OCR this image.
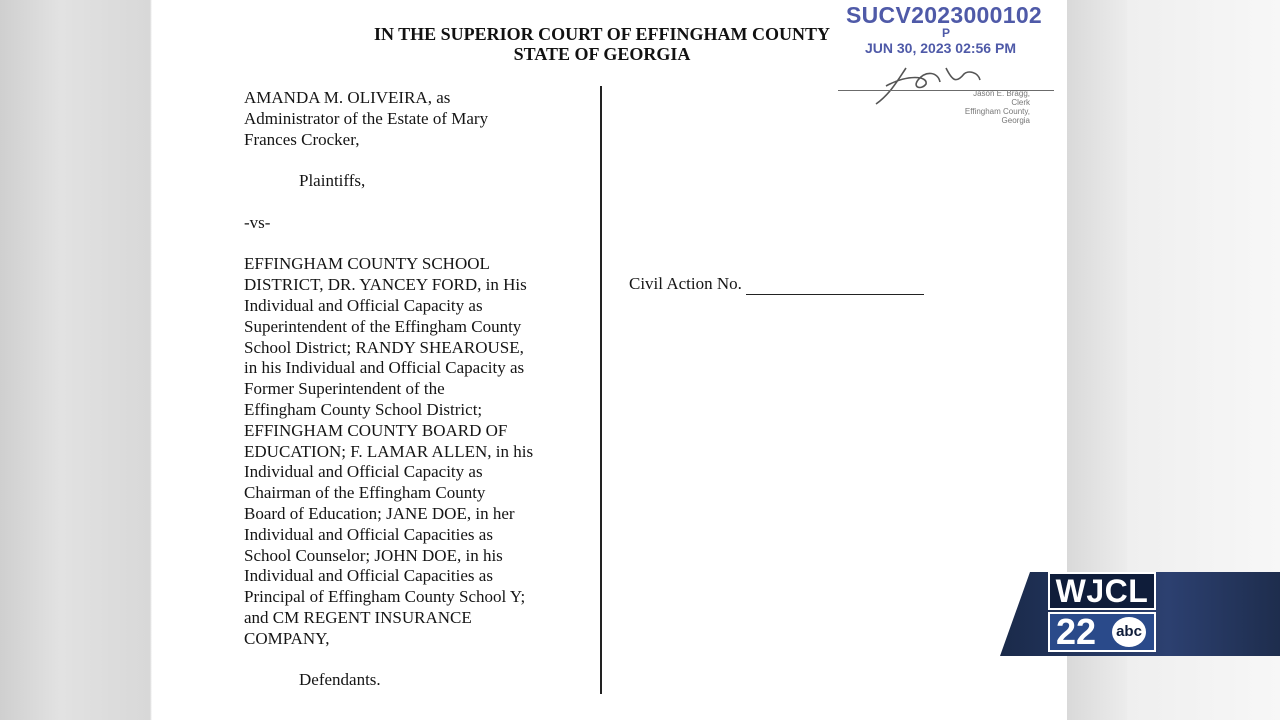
IN THE SUPERIOR COURT OF EFFINGHAM COUNTY
STATE OF GEORGIA
SUCV2023000102
P
JUN 30, 2023 02:56 PM
Jason E. Bragg, Clerk
Effingham County, Georgia
AMANDA M. OLIVEIRA, as
Administrator of the Estate of Mary
Frances Crocker,
Plaintiffs,
-vs-
EFFINGHAM COUNTY SCHOOL
DISTRICT, DR. YANCEY FORD, in His
Individual and Official Capacity as
Superintendent of the Effingham County
School District; RANDY SHEAROUSE,
in his Individual and Official Capacity as
Former Superintendent of the
Effingham County School District;
EFFINGHAM COUNTY BOARD OF
EDUCATION; F. LAMAR ALLEN, in his
Individual and Official Capacity as
Chairman of the Effingham County
Board of Education; JANE DOE, in her
Individual and Official Capacities as
School Counselor; JOHN DOE, in his
Individual and Official Capacities as
Principal of Effingham County School Y;
and CM REGENT INSURANCE
COMPANY,
Defendants.
Civil Action No.
WJCL
22	abc
